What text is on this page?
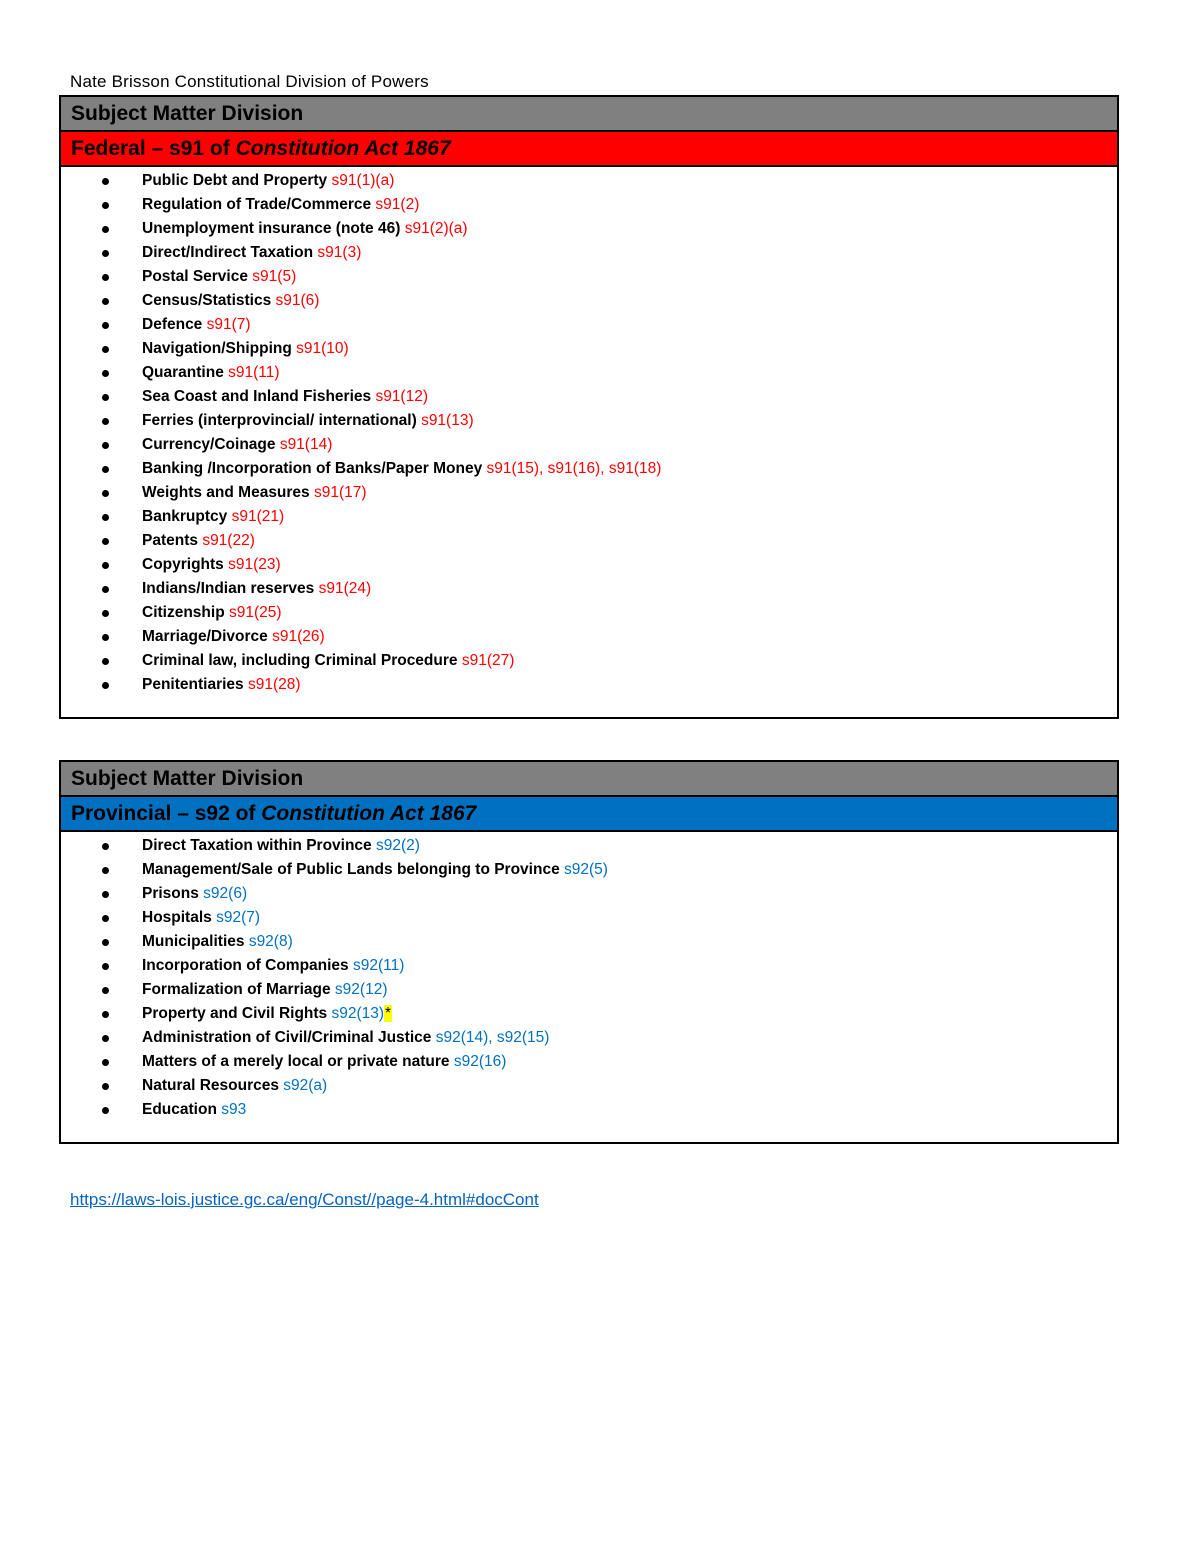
Nate Brisson Constitutional Division of Powers
Subject Matter Division
Federal – s91 of Constitution Act 1867
Public Debt and Property s91(1)(a)
Regulation of Trade/Commerce s91(2)
Unemployment insurance (note 46) s91(2)(a)
Direct/Indirect Taxation s91(3)
Postal Service s91(5)
Census/Statistics s91(6)
Defence s91(7)
Navigation/Shipping s91(10)
Quarantine s91(11)
Sea Coast and Inland Fisheries s91(12)
Ferries (interprovincial/ international) s91(13)
Currency/Coinage s91(14)
Banking /Incorporation of Banks/Paper Money s91(15), s91(16), s91(18)
Weights and Measures s91(17)
Bankruptcy s91(21)
Patents s91(22)
Copyrights s91(23)
Indians/Indian reserves s91(24)
Citizenship s91(25)
Marriage/Divorce s91(26)
Criminal law, including Criminal Procedure s91(27)
Penitentiaries s91(28)
Subject Matter Division
Provincial – s92 of Constitution Act 1867
Direct Taxation within Province s92(2)
Management/Sale of Public Lands belonging to Province s92(5)
Prisons s92(6)
Hospitals s92(7)
Municipalities s92(8)
Incorporation of Companies s92(11)
Formalization of Marriage s92(12)
Property and Civil Rights s92(13)*
Administration of Civil/Criminal Justice s92(14), s92(15)
Matters of a merely local or private nature s92(16)
Natural Resources s92(a)
Education s93
https://laws-lois.justice.gc.ca/eng/Const//page-4.html#docCont
